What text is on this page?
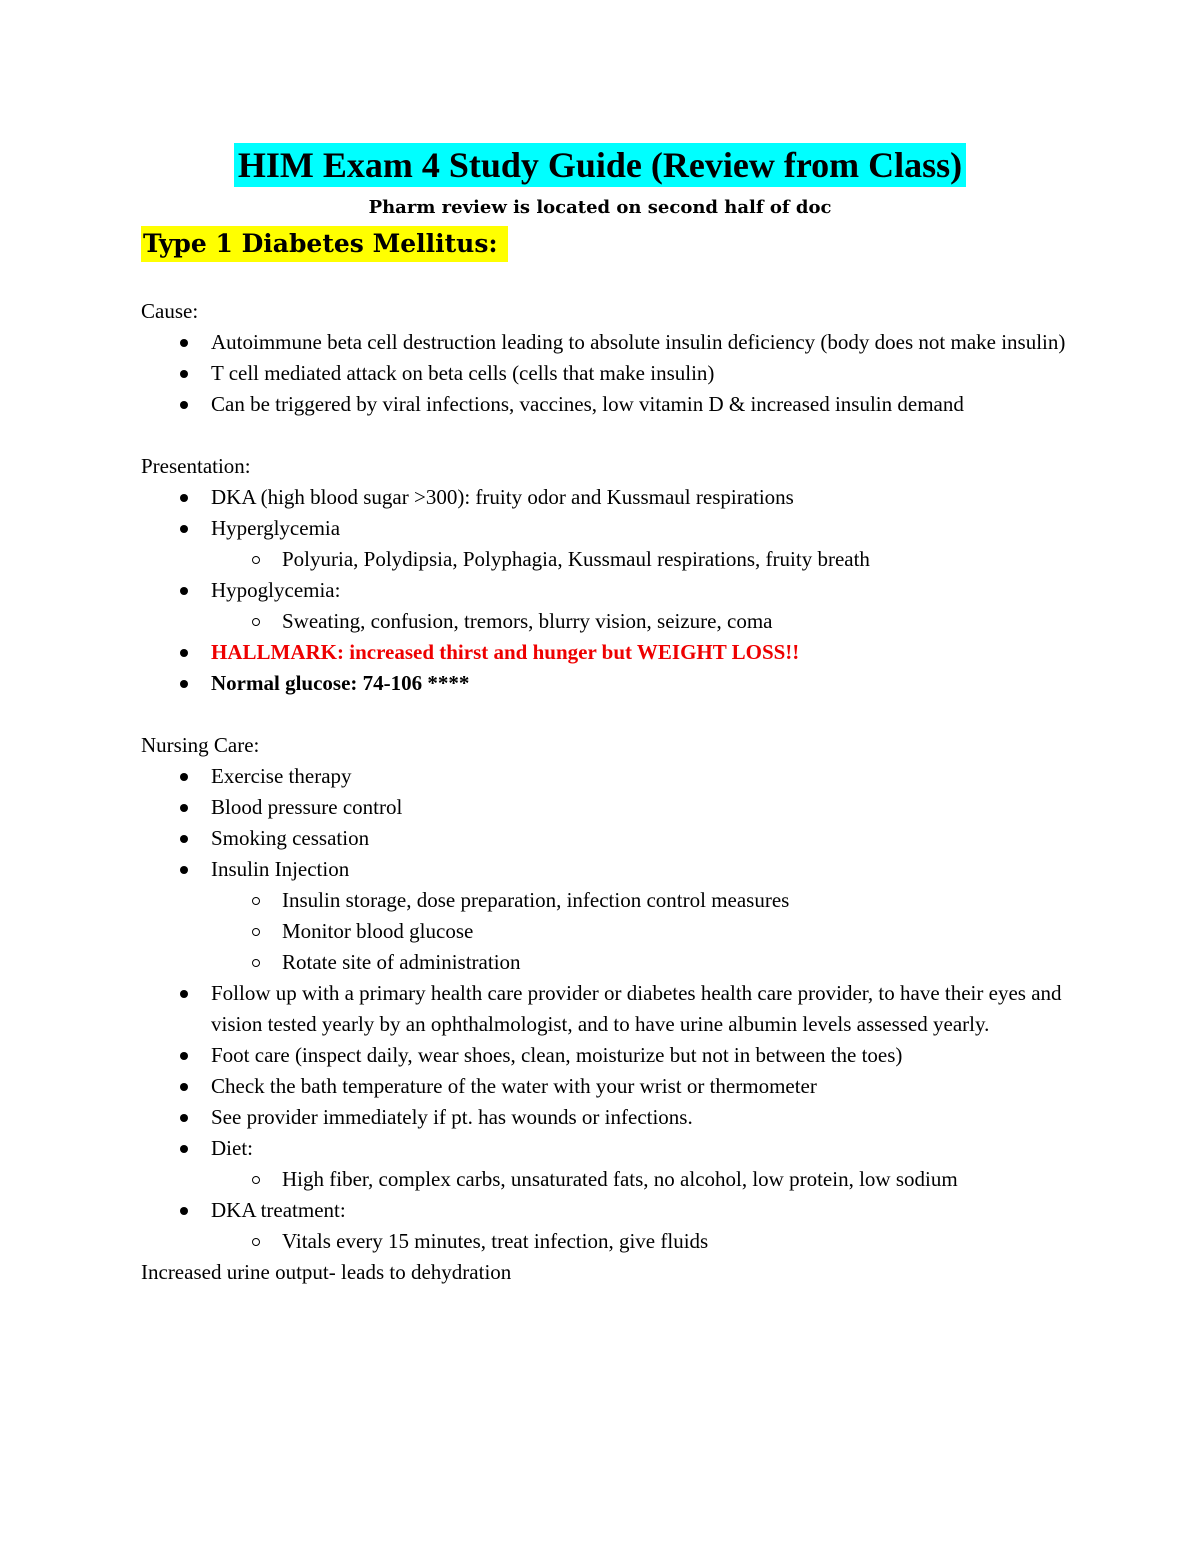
HIM Exam 4 Study Guide (Review from Class)
Pharm review is located on second half of doc
Type 1 Diabetes Mellitus:

Cause:

Autoimmune beta cell destruction leading to absolute insulin deficiency (body does not make insulin)
T cell mediated attack on beta cells (cells that make insulin)
Can be triggered by viral infections, vaccines, low vitamin D & increased insulin demand

Presentation:

DKA (high blood sugar >300): fruity odor and Kussmaul respirations
Hyperglycemia
Polyuria, Polydipsia, Polyphagia, Kussmaul respirations, fruity breath
Hypoglycemia:
Sweating, confusion, tremors, blurry vision, seizure, coma
HALLMARK: increased thirst and hunger but WEIGHT LOSS!!
Normal glucose: 74-106 ****

Nursing Care:

Exercise therapy
Blood pressure control
Smoking cessation
Insulin Injection
Insulin storage, dose preparation, infection control measures
Monitor blood glucose
Rotate site of administration
Follow up with a primary health care provider or diabetes health care provider, to have their eyes and vision tested yearly by an ophthalmologist, and to have urine albumin levels assessed yearly.
Foot care (inspect daily, wear shoes, clean, moisturize but not in between the toes)
Check the bath temperature of the water with your wrist or thermometer
See provider immediately if pt. has wounds or infections.
Diet:
High fiber, complex carbs, unsaturated fats, no alcohol, low protein, low sodium
DKA treatment:
Vitals every 15 minutes, treat infection, give fluids

Increased urine output- leads to dehydration
